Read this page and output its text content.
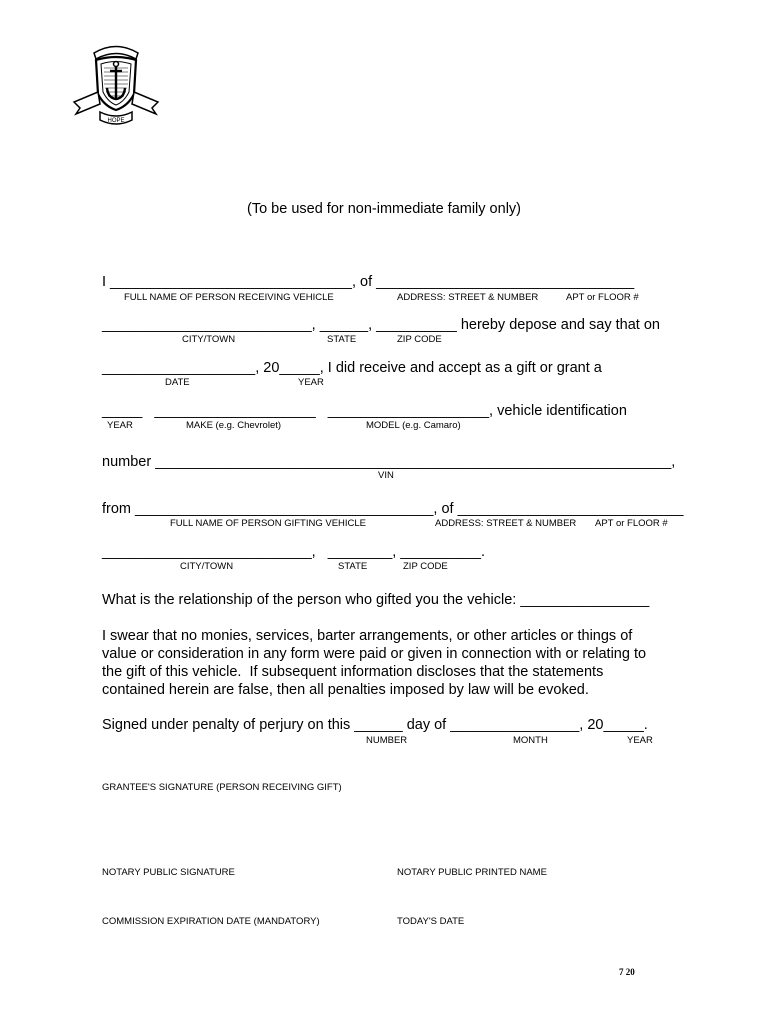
HOPE
(To be used for non-immediate family only)
I ______________________________, of ________________________________
FULL NAME OF PERSON RECEIVING VEHICLE	ADDRESS: STREET & NUMBER	APT or FLOOR #
__________________________, ______, __________ hereby depose and say that on
CITY/TOWN	STATE	ZIP CODE
___________________, 20_____, I did receive and accept as a gift or grant a
DATE	YEAR
_____   ____________________   ____________________, vehicle identification
YEAR	MAKE (e.g. Chevrolet)	MODEL (e.g. Camaro)
number ________________________________________________________________,
VIN
from _____________________________________, of ____________________________
FULL NAME OF PERSON GIFTING VEHICLE	ADDRESS: STREET & NUMBER APT or FLOOR #
__________________________,   ________, __________.
CITY/TOWN	STATE	ZIP CODE
What is the relationship of the person who gifted you the vehicle: ________________
I swear that no monies, services, barter arrangements, or other articles or things of
value or consideration in any form were paid or given in connection with or relating to
the gift of this vehicle.  If subsequent information discloses that the statements
contained herein are false, then all penalties imposed by law will be evoked.
Signed under penalty of perjury on this ______ day of ________________, 20_____.
NUMBER	MONTH	YEAR
GRANTEE'S SIGNATURE (PERSON RECEIVING GIFT)
NOTARY PUBLIC SIGNATURE	NOTARY PUBLIC PRINTED NAME
COMMISSION EXPIRATION DATE (MANDATORY)	TODAY'S DATE
7 20
